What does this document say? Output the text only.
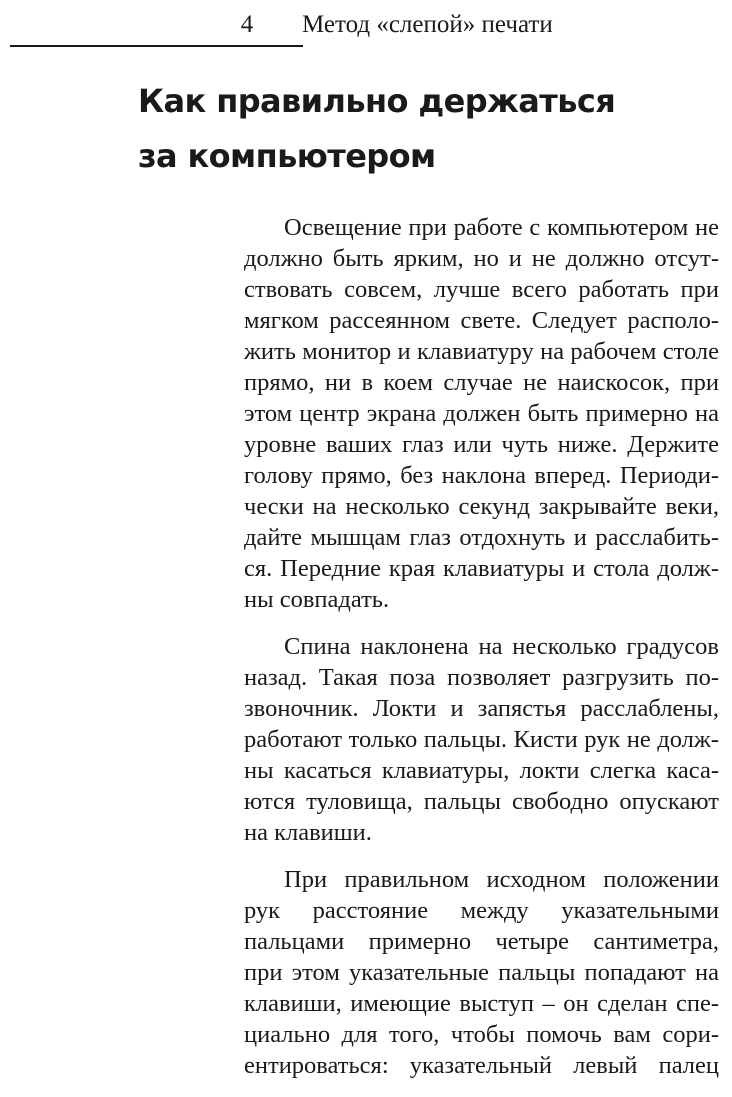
4	Метод «слепой» печати
Как правильно держаться
за компьютером
Освещение при работе с компьютером не
должно быть ярким, но и не должно отсут-
ствовать совсем, лучше всего работать при
мягком рассеянном свете. Следует располо-
жить монитор и клавиатуру на рабочем столе
прямо, ни в коем случае не наискосок, при
этом центр экрана должен быть примерно на
уровне ваших глаз или чуть ниже. Держите
голову прямо, без наклона вперед. Периоди-
чески на несколько секунд закрывайте веки,
дайте мышцам глаз отдохнуть и расслабить-
ся. Передние края клавиатуры и стола долж-
ны совпадать.
Спина наклонена на несколько градусов
назад. Такая поза позволяет разгрузить по-
звоночник. Локти и запястья расслаблены,
работают только пальцы. Кисти рук не долж-
ны касаться клавиатуры, локти слегка каса-
ются туловища, пальцы свободно опускают
на клавиши.
При правильном исходном положении
рук расстояние между указательными
пальцами примерно четыре сантиметра,
при этом указательные пальцы попадают на
клавиши, имеющие выступ – он сделан спе-
циально для того, чтобы помочь вам сори-
ентироваться: указательный левый палец
